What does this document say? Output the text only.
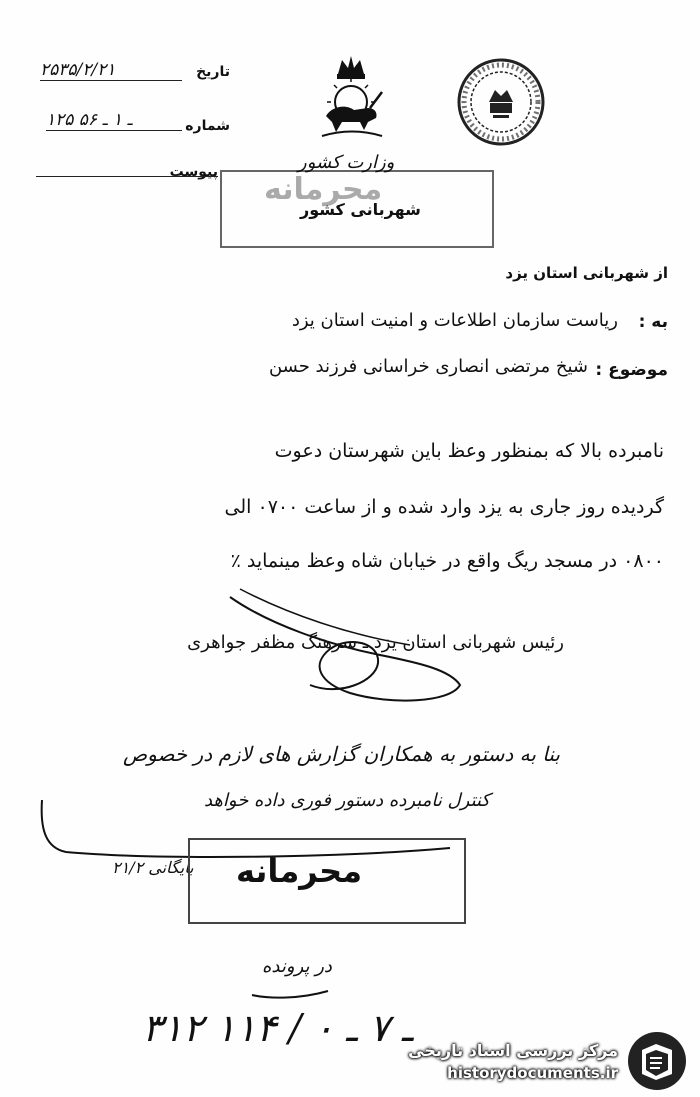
تاریخ
۲۵۳۵/۲/۲۱
شماره
۱۲۵ ـ ۱ ـ ۵۶
پیوست محرمانه
وزارت کشور
شهربانی کشور
از شهربانی استان یزد
به :
ریاست سازمان اطلاعات و امنیت استان یزد
موضوع :
شیخ مرتضی انصاری خراسانی فرزند حسن
نامبرده بالا که بمنظور وعظ باین شهرستان دعوت
گردیده روز جاری به یزد وارد شده و از ساعت ۰۷۰۰ الی
۰۸۰۰ در مسجد ریگ واقع در خیابان شاه وعظ مینماید ٪
رئیس شهربانی استان یزد ـ سرهنگ مظفر جواهری
بنا به دستور به همکاران گزارش های لازم در خصوص
کنترل نامبرده دستور فوری داده خواهد
۲۱/۲ بایگانی محرمانه
در پرونده
۳۱۲ ـ ۷ ـ ۰ / ۱۱۴
مرکز بررسی اسناد تاریخی
historydocuments.ir
